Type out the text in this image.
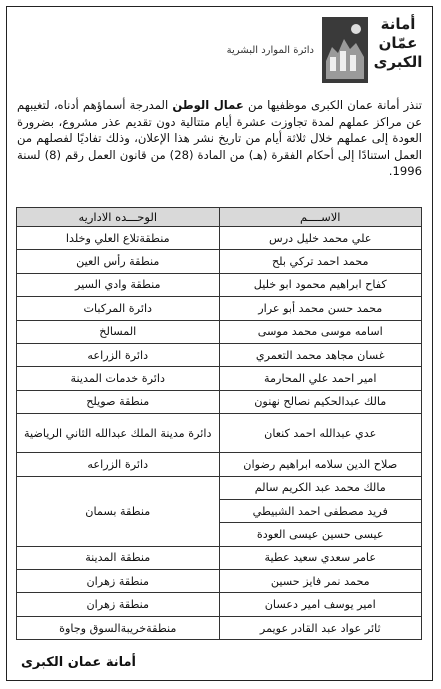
أمانة
عمّان
الكبرى
دائرة الموارد البشرية
تنذر أمانة عمان الكبرى موظفيها من عمال الوطن المدرجة أسماؤهم أدناه، لتغيبهم عن مراكز عملهم لمدة تجاوزت عشرة أيام متتالية دون تقديم عذر مشروع، بضرورة العودة إلى عملهم خلال ثلاثة أيام من تاريخ نشر هذا الإعلان، وذلك تفاديًا لفصلهم من العمل استنادًا إلى أحكام الفقرة (هـ) من المادة (28) من قانون العمل رقم (8) لسنة 1996.
الاســــم	الوحـــده الاداريه
علي محمد خليل درس	منطقةتلاع العلي وخلدا
محمد احمد تركي بلح	منطقة رأس العين
كفاح ابراهيم محمود ابو خليل	منطقة وادي السير
محمد حسن محمد أبو عرار	دائرة المركبات
اسامه موسى محمد موسى	المسالخ
غسان مجاهد محمد التعمري	دائرة الزراعه
امير احمد علي المحارمة	دائرة خدمات المدينة
مالك عبدالحكيم نصالح نهنون	منطقة صويلح
عدي عبدالله احمد كنعان	دائرة مدينة الملك عبدالله الثاني الرياضية
صلاح الدين سلامه ابراهيم رضوان	دائرة الزراعه
مالك محمد عبد الكريم سالم	منطقة بسمان
فريد مصطفى احمد الشبيطي	
عيسى حسين عيسى العودة	
عامر سعدي سعيد عطية	منطقة المدينة
محمد نمر فايز حسين	منطقة زهران
امير يوسف امير دعسان	منطقة زهران
ثائر عواد عبد القادر عويمر	منطقةخريبةالسوق وجاوة
أمانة عمان الكبرى
